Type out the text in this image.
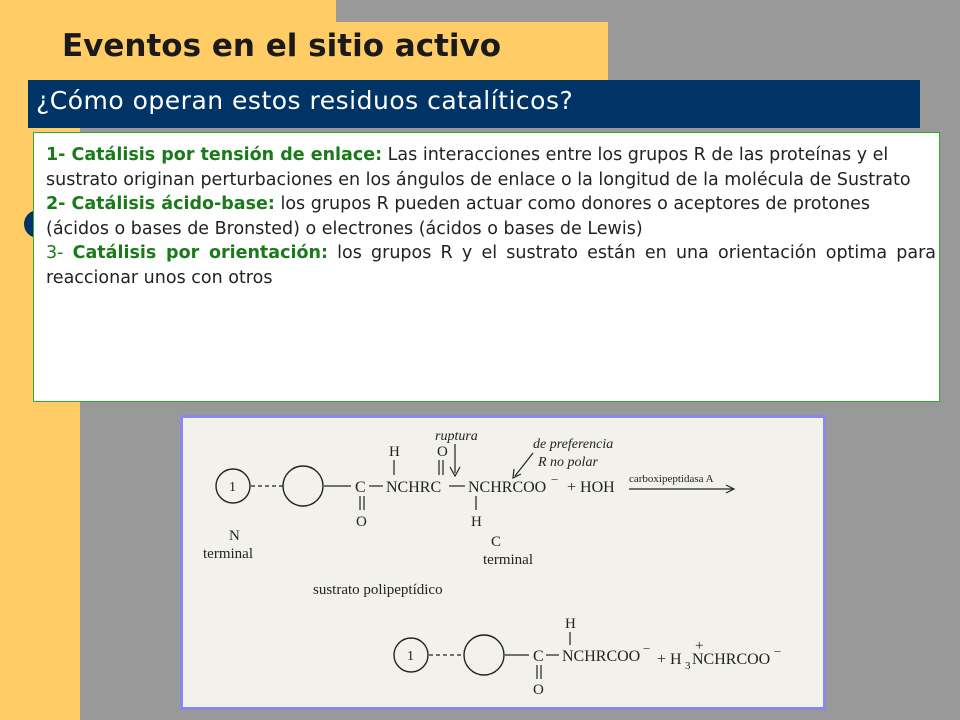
Eventos en el sitio activo
¿Cómo operan estos residuos catalíticos?

1- Catálisis por tensión de enlace: Las interacciones entre los grupos R de las proteínas y el sustrato originan perturbaciones en los ángulos de enlace o la longitud de la molécula de Sustrato

2- Catálisis ácido-base: los grupos R pueden actuar como donores o aceptores de protones (ácidos o bases de Bronsted) o electrones (ácidos o bases de Lewis)

3- Catálisis por orientación: los grupos R y el sustrato están en una orientación optima para reaccionar unos con otros

ruptura
de preferencia
R no polar
1	C
O
H
NCHRC
O
NCHRCOO −
H
+ HOH carboxipeptidasa A
N
terminal
C
terminal
sustrato polipeptídico
1	C
O
H
NCHRCOO −	+
+ H 3 NCHRCOO −
